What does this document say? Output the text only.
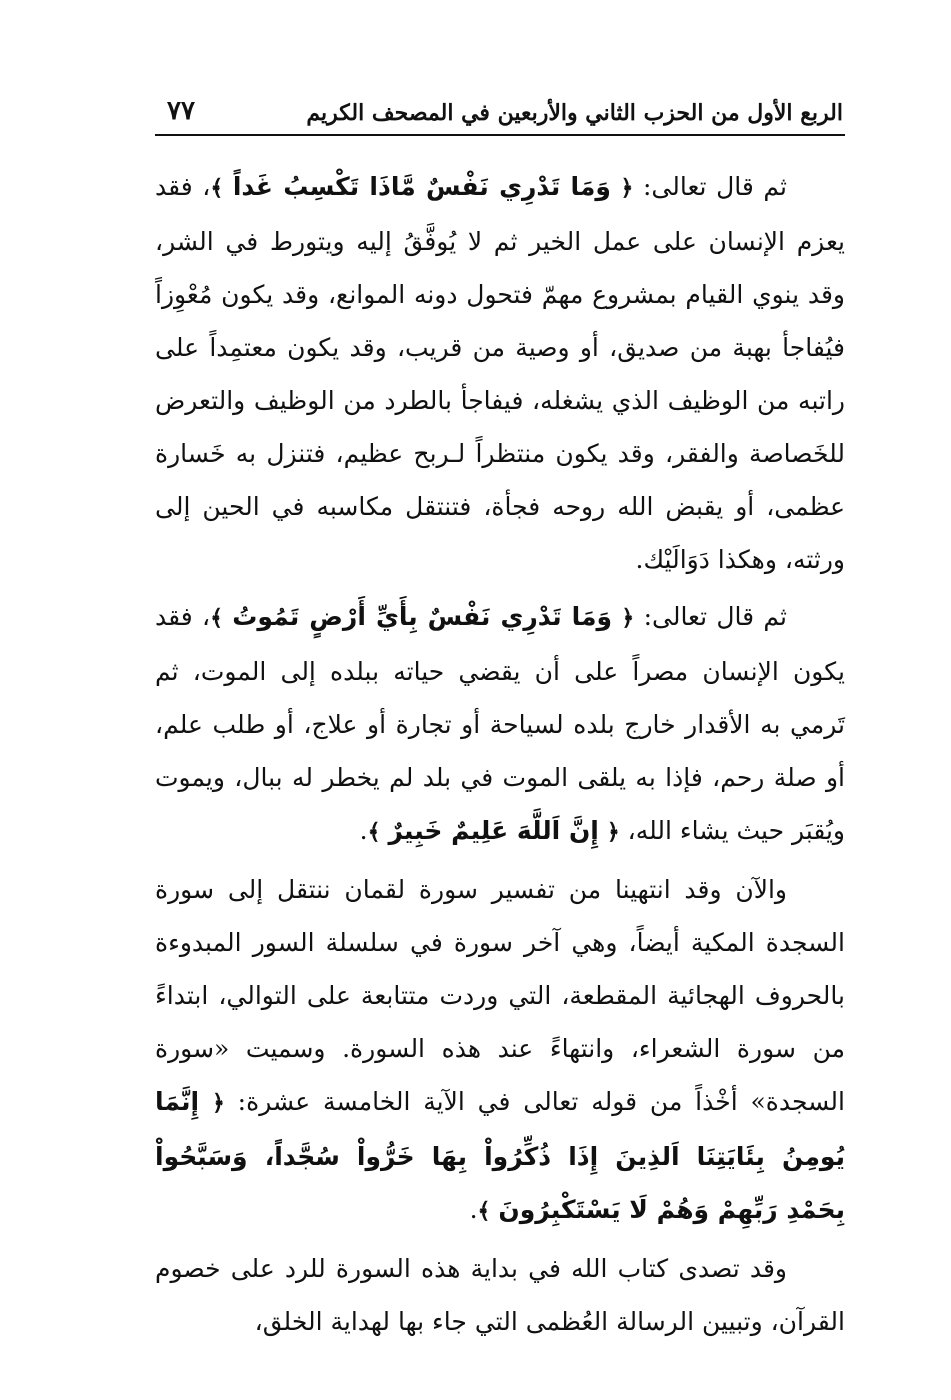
الربع الأول من الحزب الثاني والأربعين في المصحف الكريم
٧٧

ثم قال تعالى: ﴿ وَمَا تَدْرِي نَفْسٌ مَّاذَا تَكْسِبُ غَداً ﴾، فقد يعزم الإنسان على عمل الخير ثم لا يُوفَّقُ إليه ويتورط في الشر، وقد ينوي القيام بمشروع مهمّ فتحول دونه الموانع، وقد يكون مُعْوِزاً فيُفاجأ بهبة من صديق، أو وصية من قريب، وقد يكون معتمِداً على راتبه من الوظيف الذي يشغله، فيفاجأ بالطرد من الوظيف والتعرض للخَصاصة والفقر، وقد يكون منتظراً لـربح عظيم، فتنزل به خَسارة عظمى، أو يقبض الله روحه فجأة، فتنتقل مكاسبه في الحين إلى ورثته، وهكذا دَوَالَيْك.

ثم قال تعالى: ﴿ وَمَا تَدْرِي نَفْسٌ بِأَيِّ أَرْضٍ تَمُوتُ ﴾، فقد يكون الإنسان مصراً على أن يقضي حياته ببلده إلى الموت، ثم تَرمي به الأقدار خارج بلده لسياحة أو تجارة أو علاج، أو طلب علم، أو صلة رحم، فإذا به يلقى الموت في بلد لم يخطر له ببال، ويموت ويُقبَر حيث يشاء الله، ﴿ إِنَّ اَللَّهَ عَلِيمٌ خَبِيرٌ ﴾.

والآن وقد انتهينا من تفسير سورة لقمان ننتقل إلى سورة السجدة المكية أيضاً، وهي آخر سورة في سلسلة السور المبدوءة بالحروف الهجائية المقطعة، التي وردت متتابعة على التوالي، ابتداءً من سورة الشعراء، وانتهاءً عند هذه السورة. وسميت «سورة السجدة» أخْذاً من قوله تعالى في الآية الخامسة عشرة: ﴿ إِنَّمَا يُومِنُ بِئَايَتِنَا اَلذِينَ إِذَا ذُكِّرُواْ بِهَا خَرُّواْ سُجَّداً، وَسَبَّحُواْ بِحَمْدِ رَبِّهِمْ وَهُمْ لَا يَسْتَكْبِرُونَ ﴾.

وقد تصدى كتاب الله في بداية هذه السورة للرد على خصوم القرآن، وتبيين الرسالة العُظمى التي جاء بها لهداية الخلق،
